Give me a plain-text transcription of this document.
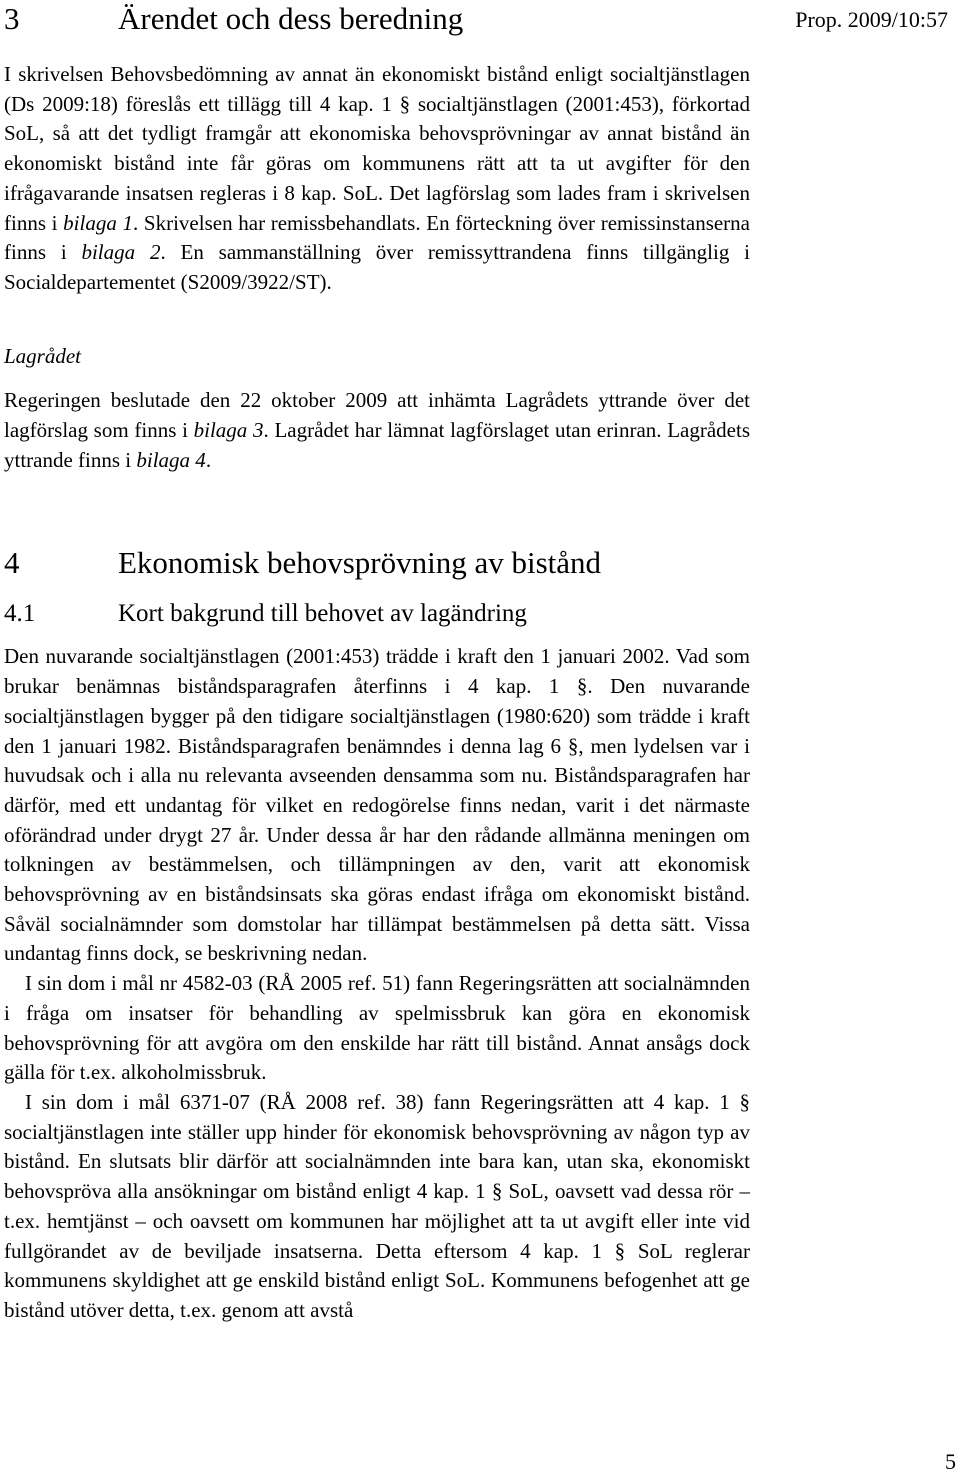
Prop. 2009/10:57
3	Ärendet och dess beredning

I skrivelsen Behovsbedömning av annat än ekonomiskt bistånd enligt socialtjänstlagen (Ds 2009:18) föreslås ett tillägg till 4 kap. 1 § socialtjänstlagen (2001:453), förkortad SoL, så att det tydligt framgår att ekonomiska behovsprövningar av annat bistånd än ekonomiskt bistånd inte får göras om kommunens rätt att ta ut avgifter för den ifrågavarande insatsen regleras i 8 kap. SoL. Det lagförslag som lades fram i skrivelsen finns i bilaga 1. Skrivelsen har remissbehandlats. En förteckning över remissinstanserna finns i bilaga 2. En sammanställning över remissyttrandena finns tillgänglig i Socialdepartementet (S2009/3922/ST).

Lagrådet

Regeringen beslutade den 22 oktober 2009 att inhämta Lagrådets yttrande över det lagförslag som finns i bilaga 3. Lagrådet har lämnat lagförslaget utan erinran. Lagrådets yttrande finns i bilaga 4.

4	Ekonomisk behovsprövning av bistånd
4.1	Kort bakgrund till behovet av lagändring

Den nuvarande socialtjänstlagen (2001:453) trädde i kraft den 1 januari 2002. Vad som brukar benämnas biståndsparagrafen återfinns i 4 kap. 1 §. Den nuvarande socialtjänstlagen bygger på den tidigare socialtjänstlagen (1980:620) som trädde i kraft den 1 januari 1982. Biståndsparagrafen benämndes i denna lag 6 §, men lydelsen var i huvudsak och i alla nu relevanta avseenden densamma som nu. Biståndsparagrafen har därför, med ett undantag för vilket en redogörelse finns nedan, varit i det närmaste oförändrad under drygt 27 år. Under dessa år har den rådande allmänna meningen om tolkningen av bestämmelsen, och tillämpningen av den, varit att ekonomisk behovsprövning av en biståndsinsats ska göras endast ifråga om ekonomiskt bistånd. Såväl socialnämnder som domstolar har tillämpat bestämmelsen på detta sätt. Vissa undantag finns dock, se beskrivning nedan.

I sin dom i mål nr 4582-03 (RÅ 2005 ref. 51) fann Regeringsrätten att socialnämnden i fråga om insatser för behandling av spelmissbruk kan göra en ekonomisk behovsprövning för att avgöra om den enskilde har rätt till bistånd. Annat ansågs dock gälla för t.ex. alkoholmissbruk.

I sin dom i mål 6371-07 (RÅ 2008 ref. 38) fann Regeringsrätten att 4 kap. 1 § socialtjänstlagen inte ställer upp hinder för ekonomisk behovsprövning av någon typ av bistånd. En slutsats blir därför att socialnämnden inte bara kan, utan ska, ekonomiskt behovspröva alla ansökningar om bistånd enligt 4 kap. 1 § SoL, oavsett vad dessa rör – t.ex. hemtjänst – och oavsett om kommunen har möjlighet att ta ut avgift eller inte vid fullgörandet av de beviljade insatserna. Detta eftersom 4 kap. 1 § SoL reglerar kommunens skyldighet att ge enskild bistånd enligt SoL. Kommunens befogenhet att ge bistånd utöver detta, t.ex. genom att avstå

5
